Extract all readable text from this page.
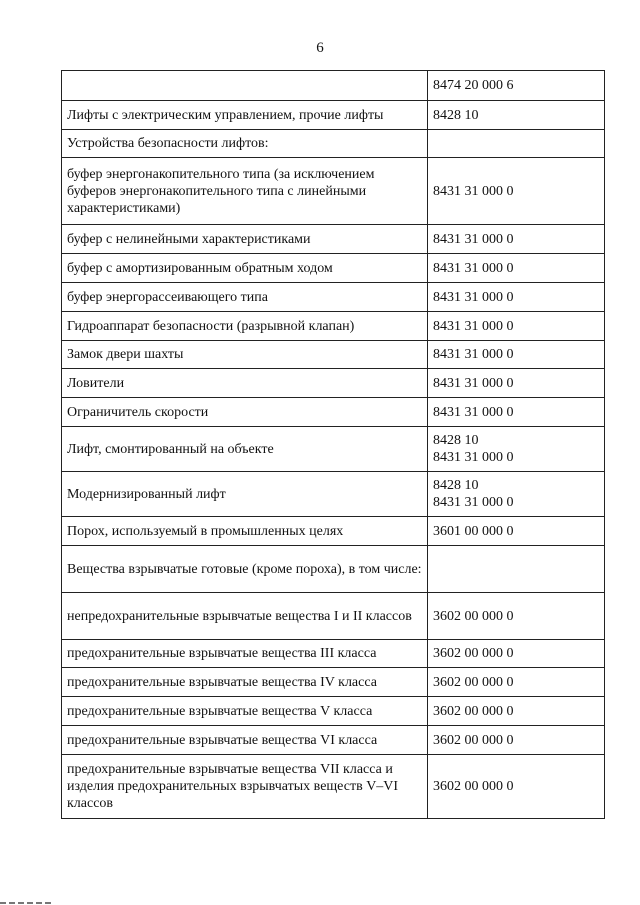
6
	8474 20 000 6
Лифты с электрическим управлением, прочие лифты	8428 10
Устройства безопасности лифтов:	
буфер энергонакопительного типа (за исключением буферов энергонакопительного типа с линейными характеристиками)	8431 31 000 0
буфер с нелинейными характеристиками	8431 31 000 0
буфер с амортизированным обратным ходом	8431 31 000 0
буфер энергорассеивающего типа	8431 31 000 0
Гидроаппарат безопасности (разрывной клапан)	8431 31 000 0
Замок двери шахты	8431 31 000 0
Ловители	8431 31 000 0
Ограничитель скорости	8431 31 000 0
Лифт, смонтированный на объекте	8428 10
8431 31 000 0
Модернизированный лифт	8428 10
8431 31 000 0
Порох, используемый в промышленных целях	3601 00 000 0
Вещества взрывчатые готовые (кроме пороха), в том числе:	
непредохранительные взрывчатые вещества I и II классов	3602 00 000 0
предохранительные взрывчатые вещества III класса	3602 00 000 0
предохранительные взрывчатые вещества IV класса	3602 00 000 0
предохранительные взрывчатые вещества V класса	3602 00 000 0
предохранительные взрывчатые вещества VI класса	3602 00 000 0
предохранительные взрывчатые вещества VII класса и изделия предохранительных взрывчатых веществ V–VI классов	3602 00 000 0
